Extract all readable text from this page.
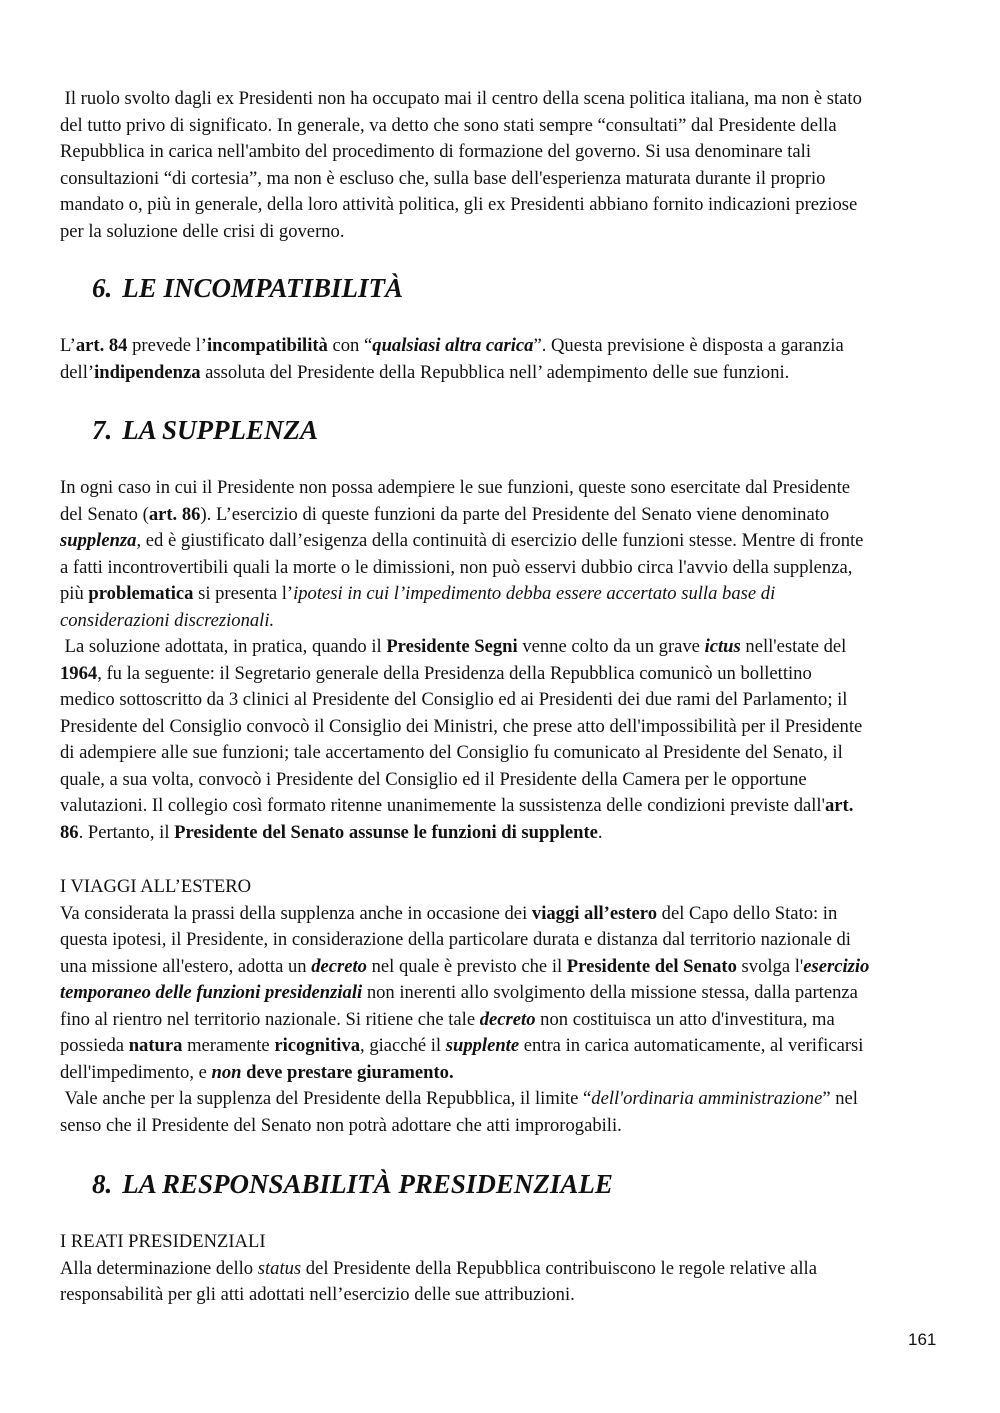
Il ruolo svolto dagli ex Presidenti non ha occupato mai il centro della scena politica italiana, ma non è stato
del tutto privo di significato. In generale, va detto che sono stati sempre “consultati” dal Presidente della
Repubblica in carica nell'ambito del procedimento di formazione del governo. Si usa denominare tali
consultazioni “di cortesia”, ma non è escluso che, sulla base dell'esperienza maturata durante il proprio
mandato o, più in generale, della loro attività politica, gli ex Presidenti abbiano fornito indicazioni preziose
per la soluzione delle crisi di governo.
6. LE INCOMPATIBILITÀ
L’art. 84 prevede l’incompatibilità con “qualsiasi altra carica”. Questa previsione è disposta a garanzia
dell’indipendenza assoluta del Presidente della Repubblica nell’ adempimento delle sue funzioni.
7. LA SUPPLENZA
In ogni caso in cui il Presidente non possa adempiere le sue funzioni, queste sono esercitate dal Presidente
del Senato (art. 86). L’esercizio di queste funzioni da parte del Presidente del Senato viene denominato
supplenza, ed è giustificato dall’esigenza della continuità di esercizio delle funzioni stesse. Mentre di fronte
a fatti incontrovertibili quali la morte o le dimissioni, non può esservi dubbio circa l'avvio della supplenza,
più problematica si presenta l’ipotesi in cui l’impedimento debba essere accertato sulla base di
considerazioni discrezionali.
La soluzione adottata, in pratica, quando il Presidente Segni venne colto da un grave ictus nell'estate del
1964, fu la seguente: il Segretario generale della Presidenza della Repubblica comunicò un bollettino
medico sottoscritto da 3 clinici al Presidente del Consiglio ed ai Presidenti dei due rami del Parlamento; il
Presidente del Consiglio convocò il Consiglio dei Ministri, che prese atto dell'impossibilità per il Presidente
di adempiere alle sue funzioni; tale accertamento del Consiglio fu comunicato al Presidente del Senato, il
quale, a sua volta, convocò i Presidente del Consiglio ed il Presidente della Camera per le opportune
valutazioni. Il collegio così formato ritenne unanimemente la sussistenza delle condizioni previste dall'art.
86. Pertanto, il Presidente del Senato assunse le funzioni di supplente.
I VIAGGI ALL’ESTERO
Va considerata la prassi della supplenza anche in occasione dei viaggi all’estero del Capo dello Stato: in
questa ipotesi, il Presidente, in considerazione della particolare durata e distanza dal territorio nazionale di
una missione all'estero, adotta un decreto nel quale è previsto che il Presidente del Senato svolga l'esercizio
temporaneo delle funzioni presidenziali non inerenti allo svolgimento della missione stessa, dalla partenza
fino al rientro nel territorio nazionale. Si ritiene che tale decreto non costituisca un atto d'investitura, ma
possieda natura meramente ricognitiva, giacché il supplente entra in carica automaticamente, al verificarsi
dell'impedimento, e non deve prestare giuramento.
Vale anche per la supplenza del Presidente della Repubblica, il limite “dell'ordinaria amministrazione” nel
senso che il Presidente del Senato non potrà adottare che atti improrogabili.
8. LA RESPONSABILITÀ PRESIDENZIALE
I REATI PRESIDENZIALI
Alla determinazione dello status del Presidente della Repubblica contribuiscono le regole relative alla
responsabilità per gli atti adottati nell’esercizio delle sue attribuzioni.
161
